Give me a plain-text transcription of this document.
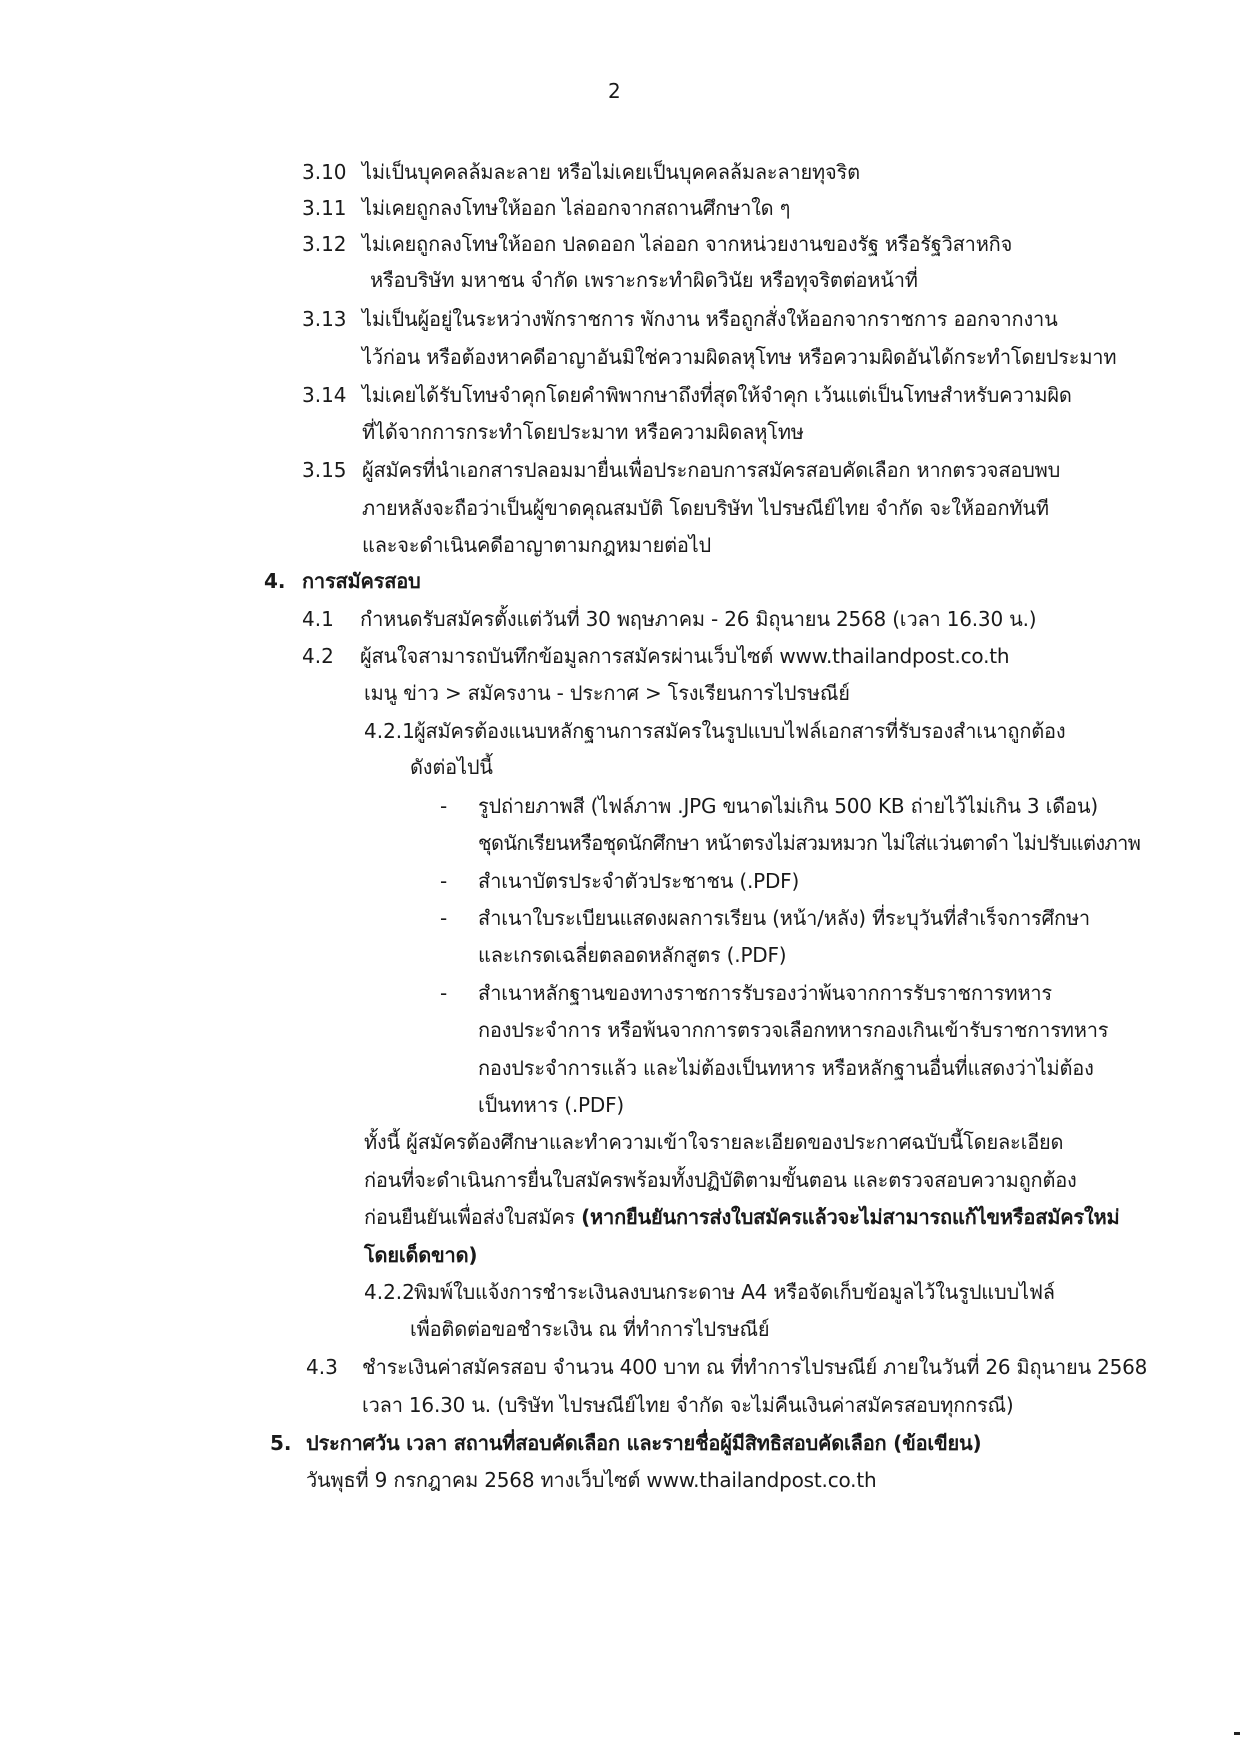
2
3.10 ไม่เป็นบุคคลล้มละลาย หรือไม่เคยเป็นบุคคลล้มละลายทุจริต
3.11 ไม่เคยถูกลงโทษให้ออก ไล่ออกจากสถานศึกษาใด ๆ
3.12 ไม่เคยถูกลงโทษให้ออก ปลดออก ไล่ออก จากหน่วยงานของรัฐ หรือรัฐวิสาหกิจ
หรือบริษัท มหาชน จำกัด เพราะกระทำผิดวินัย หรือทุจริตต่อหน้าที่
3.13 ไม่เป็นผู้อยู่ในระหว่างพักราชการ พักงาน หรือถูกสั่งให้ออกจากราชการ ออกจากงาน
ไว้ก่อน หรือต้องหาคดีอาญาอันมิใช่ความผิดลหุโทษ หรือความผิดอันได้กระทำโดยประมาท
3.14 ไม่เคยได้รับโทษจำคุกโดยคำพิพากษาถึงที่สุดให้จำคุก เว้นแต่เป็นโทษสำหรับความผิด
ที่ได้จากการกระทำโดยประมาท หรือความผิดลหุโทษ
3.15 ผู้สมัครที่นำเอกสารปลอมมายื่นเพื่อประกอบการสมัครสอบคัดเลือก หากตรวจสอบพบ
ภายหลังจะถือว่าเป็นผู้ขาดคุณสมบัติ โดยบริษัท ไปรษณีย์ไทย จำกัด จะให้ออกทันที
และจะดำเนินคดีอาญาตามกฎหมายต่อไป
4. การสมัครสอบ
4.1 กำหนดรับสมัครตั้งแต่วันที่ 30 พฤษภาคม - 26 มิถุนายน 2568 (เวลา 16.30 น.)
4.2 ผู้สนใจสามารถบันทึกข้อมูลการสมัครผ่านเว็บไซต์ www.thailandpost.co.th
เมนู ข่าว > สมัครงาน - ประกาศ > โรงเรียนการไปรษณีย์
4.2.1 ผู้สมัครต้องแนบหลักฐานการสมัครในรูปแบบไฟล์เอกสารที่รับรองสำเนาถูกต้อง
ดังต่อไปนี้
- รูปถ่ายภาพสี (ไฟล์ภาพ .JPG ขนาดไม่เกิน 500 KB ถ่ายไว้ไม่เกิน 3 เดือน)
ชุดนักเรียนหรือชุดนักศึกษา หน้าตรงไม่สวมหมวก ไม่ใส่แว่นตาดำ ไม่ปรับแต่งภาพ
- สำเนาบัตรประจำตัวประชาชน (.PDF)
- สำเนาใบระเบียนแสดงผลการเรียน (หน้า/หลัง) ที่ระบุวันที่สำเร็จการศึกษา
และเกรดเฉลี่ยตลอดหลักสูตร (.PDF)
- สำเนาหลักฐานของทางราชการรับรองว่าพ้นจากการรับราชการทหาร
กองประจำการ หรือพ้นจากการตรวจเลือกทหารกองเกินเข้ารับราชการทหาร
กองประจำการแล้ว และไม่ต้องเป็นทหาร หรือหลักฐานอื่นที่แสดงว่าไม่ต้อง
เป็นทหาร (.PDF)
ทั้งนี้ ผู้สมัครต้องศึกษาและทำความเข้าใจรายละเอียดของประกาศฉบับนี้โดยละเอียด
ก่อนที่จะดำเนินการยื่นใบสมัครพร้อมทั้งปฏิบัติตามขั้นตอน และตรวจสอบความถูกต้อง
ก่อนยืนยันเพื่อส่งใบสมัคร (หากยืนยันการส่งใบสมัครแล้วจะไม่สามารถแก้ไขหรือสมัครใหม่
โดยเด็ดขาด)
4.2.2 พิมพ์ใบแจ้งการชำระเงินลงบนกระดาษ A4 หรือจัดเก็บข้อมูลไว้ในรูปแบบไฟล์
เพื่อติดต่อขอชำระเงิน ณ ที่ทำการไปรษณีย์
4.3 ชำระเงินค่าสมัครสอบ จำนวน 400 บาท ณ ที่ทำการไปรษณีย์ ภายในวันที่ 26 มิถุนายน 2568
เวลา 16.30 น. (บริษัท ไปรษณีย์ไทย จำกัด จะไม่คืนเงินค่าสมัครสอบทุกกรณี)
5. ประกาศวัน เวลา สถานที่สอบคัดเลือก และรายชื่อผู้มีสิทธิสอบคัดเลือก (ข้อเขียน)
วันพุธที่ 9 กรกฎาคม 2568 ทางเว็บไซต์ www.thailandpost.co.th
